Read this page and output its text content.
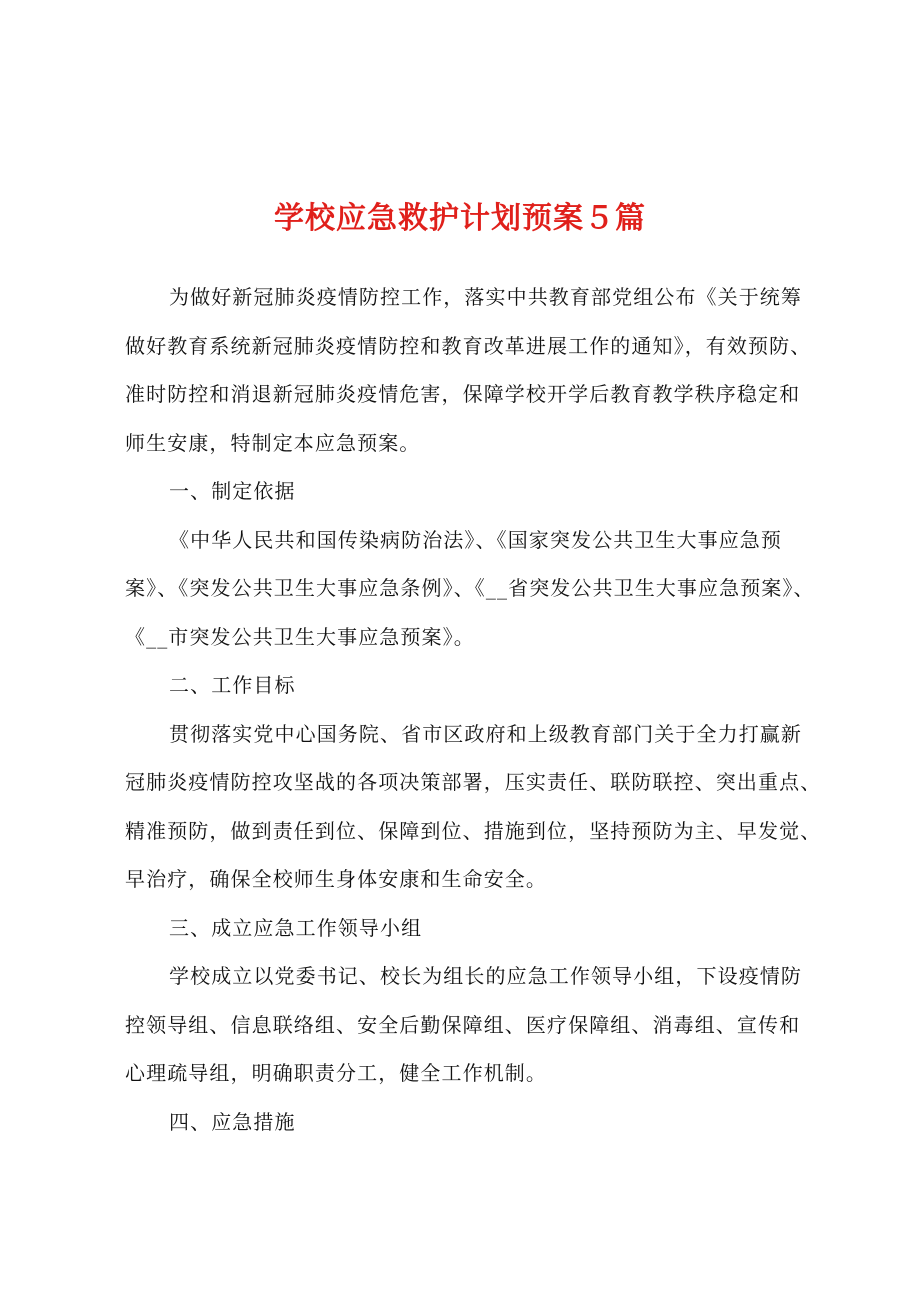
学校应急救护计划预案５篇

为做好新冠肺炎疫情防控工作，落实中共教育部党组公布《关于统筹
做好教育系统新冠肺炎疫情防控和教育改革进展工作的通知》，有效预防、
准时防控和消退新冠肺炎疫情危害，保障学校开学后教育教学秩序稳定和
师生安康，特制定本应急预案。

一、制定依据

《中华人民共和国传染病防治法》、《国家突发公共卫生大事应急预
案》、《突发公共卫生大事应急条例》、《__省突发公共卫生大事应急预案》、
《__市突发公共卫生大事应急预案》。

二、工作目标

贯彻落实党中心国务院、省市区政府和上级教育部门关于全力打赢新
冠肺炎疫情防控攻坚战的各项决策部署，压实责任、联防联控、突出重点、
精准预防，做到责任到位、保障到位、措施到位，坚持预防为主、早发觉、
早治疗，确保全校师生身体安康和生命安全。

三、成立应急工作领导小组

学校成立以党委书记、校长为组长的应急工作领导小组，下设疫情防
控领导组、信息联络组、安全后勤保障组、医疗保障组、消毒组、宣传和
心理疏导组，明确职责分工，健全工作机制。

四、应急措施
